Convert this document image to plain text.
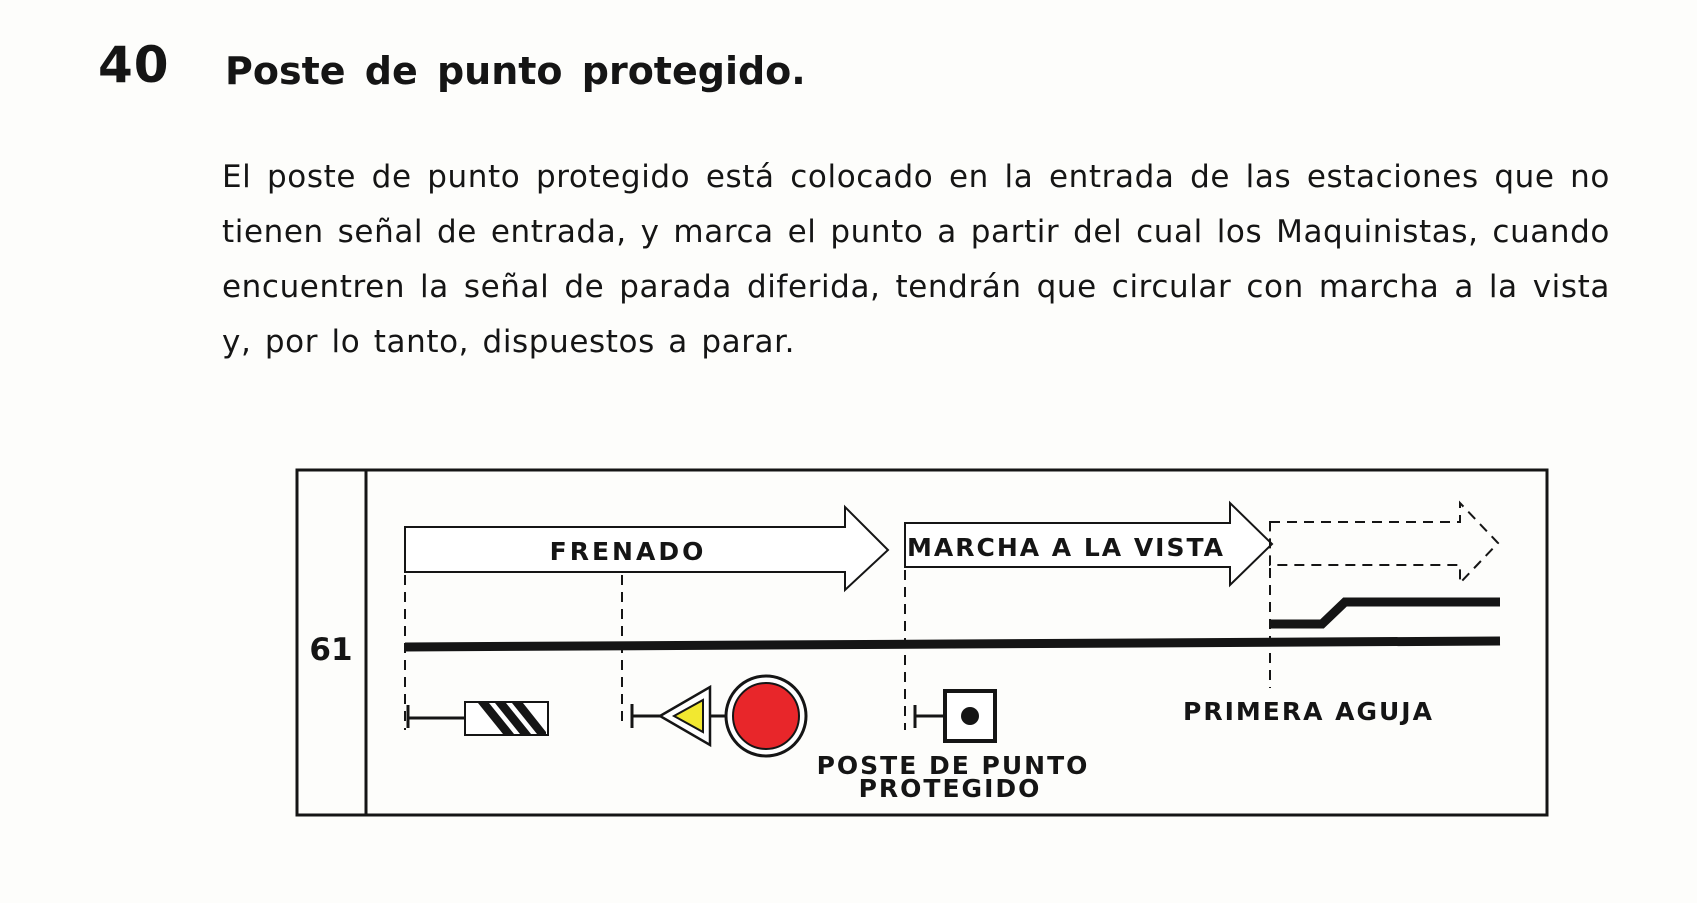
40 Poste de punto protegido.

El poste de punto protegido está colocado en la entrada de las estaciones que no tienen señal de entrada, y marca el punto a partir del cual los Maquinistas, cuando encuentren la señal de parada diferida, tendrán que circular con marcha a la vista y, por lo tanto, dispuestos a parar.

61
FRENADO	MARCHA A LA VISTA
POSTE DE PUNTO
PROTEGIDO
PRIMERA AGUJA
